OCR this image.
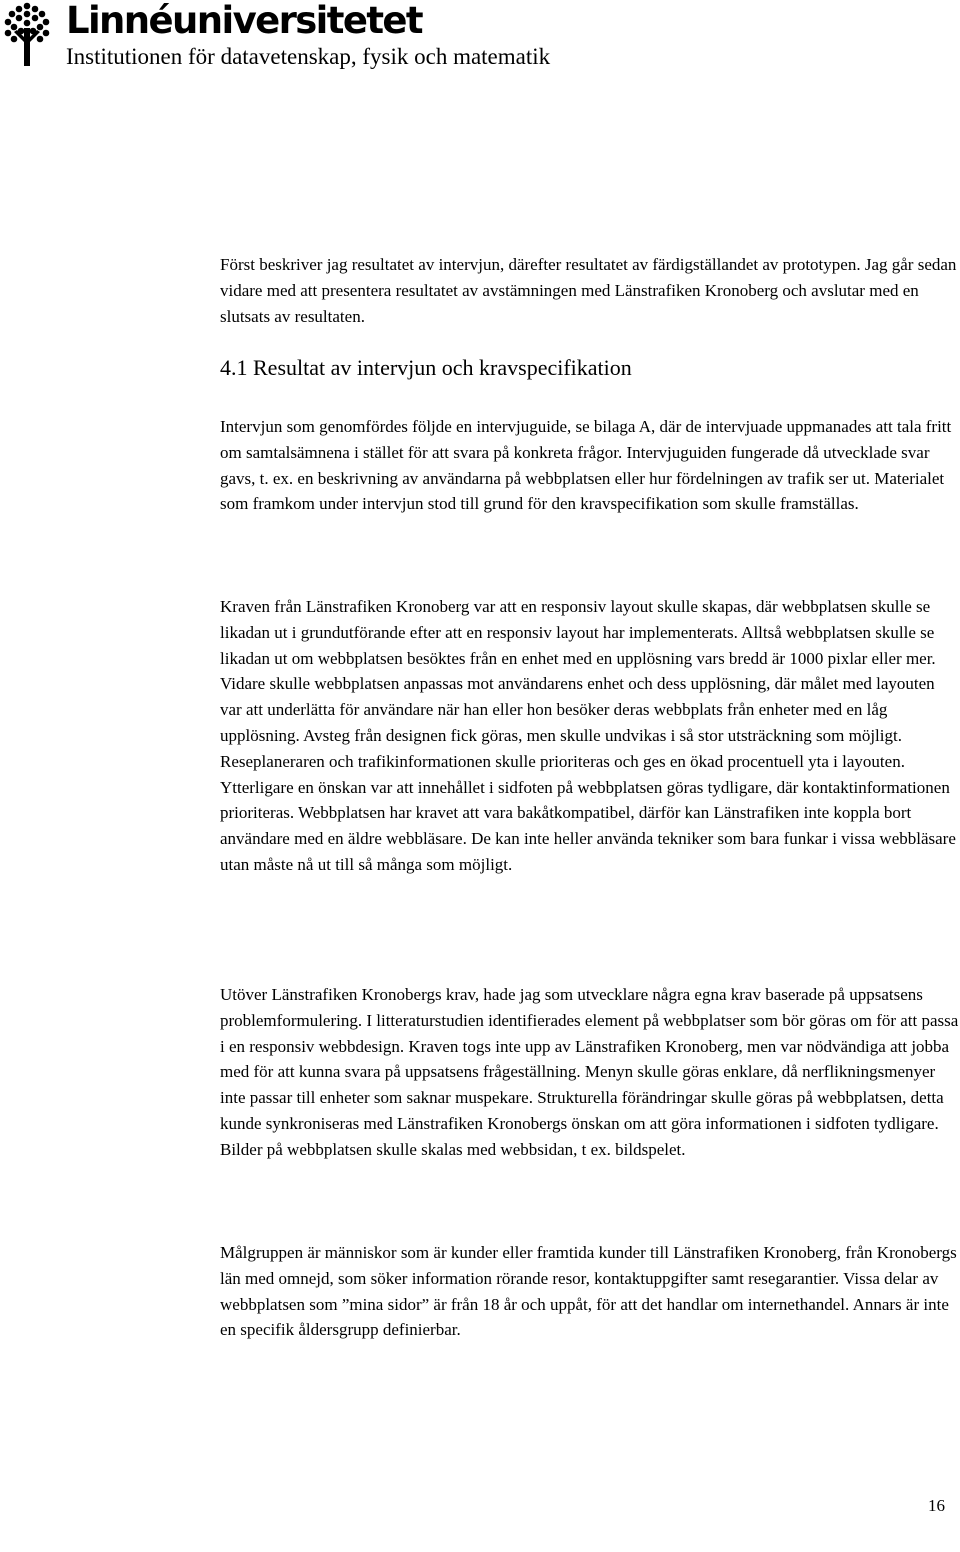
Linnéuniversitetet
Institutionen för datavetenskap, fysik och matematik

Först beskriver jag resultatet av intervjun, därefter resultatet av färdigställandet av prototypen. Jag går sedan vidare med att presentera resultatet av avstämningen med Länstrafiken Kronoberg och avslutar med en slutsats av resultaten.

4.1 Resultat av intervjun och kravspecifikation

Intervjun som genomfördes följde en intervjuguide, se bilaga A, där de intervjuade uppmanades att tala fritt om samtalsämnena i stället för att svara på konkreta frågor. Intervjuguiden fungerade då utvecklade svar gavs, t. ex. en beskrivning av användarna på webbplatsen eller hur fördelningen av trafik ser ut. Materialet som framkom under intervjun stod till grund för den kravspecifikation som skulle framställas.

Kraven från Länstrafiken Kronoberg var att en responsiv layout skulle skapas, där webbplatsen skulle se likadan ut i grundutförande efter att en responsiv layout har implementerats. Alltså webbplatsen skulle se likadan ut om webbplatsen besöktes från en enhet med en upplösning vars bredd är 1000 pixlar eller mer. Vidare skulle webbplatsen anpassas mot användarens enhet och dess upplösning, där målet med layouten var att underlätta för användare när han eller hon besöker deras webbplats från enheter med en låg upplösning. Avsteg från designen fick göras, men skulle undvikas i så stor utsträckning som möjligt. Reseplaneraren och trafikinformationen skulle prioriteras och ges en ökad procentuell yta i layouten. Ytterligare en önskan var att innehållet i sidfoten på webbplatsen göras tydligare, där kontaktinformationen prioriteras. Webbplatsen har kravet att vara bakåtkompatibel, därför kan Länstrafiken inte koppla bort användare med en äldre webbläsare. De kan inte heller använda tekniker som bara funkar i vissa webbläsare utan måste nå ut till så många som möjligt.

Utöver Länstrafiken Kronobergs krav, hade jag som utvecklare några egna krav baserade på uppsatsens problemformulering. I litteraturstudien identifierades element på webbplatser som bör göras om för att passa i en responsiv webbdesign. Kraven togs inte upp av Länstrafiken Kronoberg, men var nödvändiga att jobba med för att kunna svara på uppsatsens frågeställning. Menyn skulle göras enklare, då nerflikningsmenyer inte passar till enheter som saknar muspekare. Strukturella förändringar skulle göras på webbplatsen, detta kunde synkroniseras med Länstrafiken Kronobergs önskan om att göra informationen i sidfoten tydligare. Bilder på webbplatsen skulle skalas med webbsidan, t ex. bildspelet.

Målgruppen är människor som är kunder eller framtida kunder till Länstrafiken Kronoberg, från Kronobergs län med omnejd, som söker information rörande resor, kontaktuppgifter samt resegarantier. Vissa delar av webbplatsen som ”mina sidor” är från 18 år och uppåt, för att det handlar om internethandel. Annars är inte en specifik åldersgrupp definierbar.

16
